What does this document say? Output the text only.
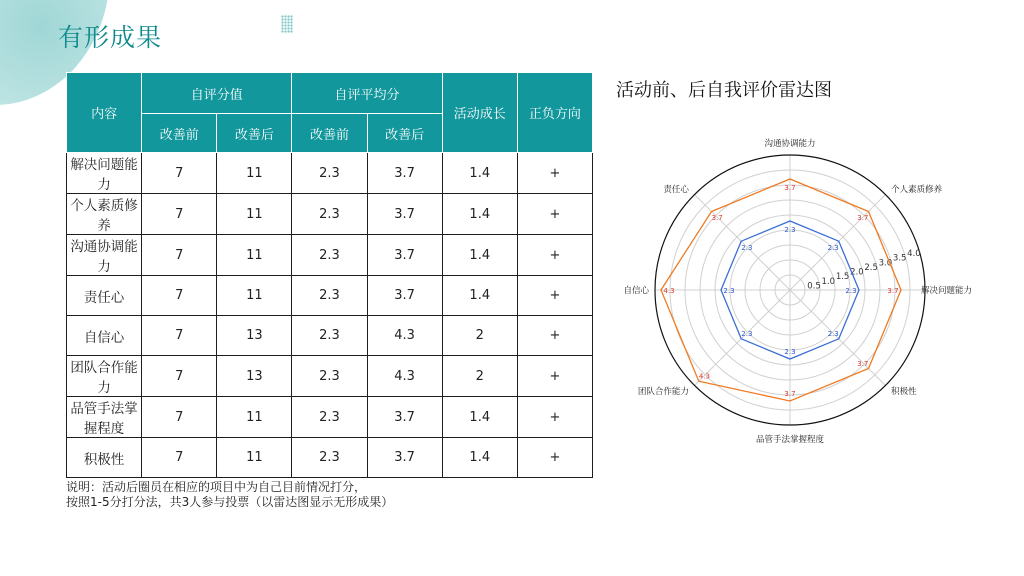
有形成果
内容	自评分值		自评平均分		活动成长	正负方向
	改善前	改善后	改善前	改善后		
解决问题能力	7	11	2.3	3.7	1.4	+
个人素质修养	7	11	2.3	3.7	1.4	+
沟通协调能力	7	11	2.3	3.7	1.4	+
责任心	7	11	2.3	3.7	1.4	+
自信心	7	13	2.3	4.3	2	+
团队合作能力	7	13	2.3	4.3	2	+
品管手法掌握程度	7	11	2.3	3.7	1.4	+
积极性	7	11	2.3	3.7	1.4	+
说明：活动后圈员在相应的项目中为自己目前情况打分，
按照1-5分打分法，共3人参与投票（以雷达图显示无形成果）
活动前、后自我评价雷达图
0.5 1.0 1.5 2.0 2.5 3.0 3.5 4.0
2.3
2.3
2.3
2.3
2.3
2.3
2.3
2.3
3.7
3.7
3.7
3.7
4.3
4.3
3.7
3.7
解决问题能力
个人素质修养
沟通协调能力
责任心
自信心
团队合作能力
品管手法掌握程度
积极性
